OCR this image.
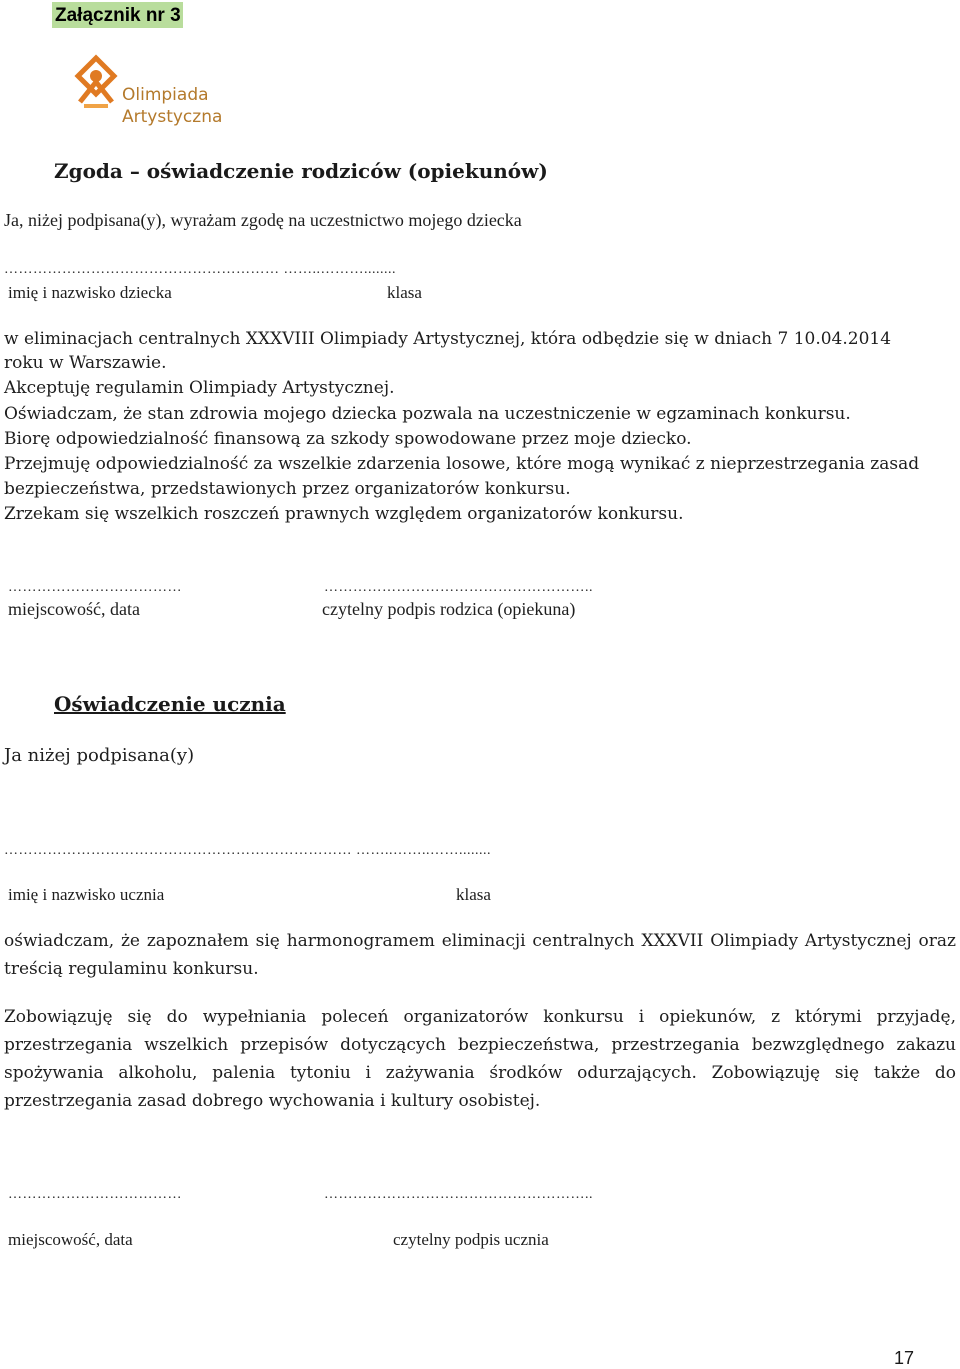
Załącznik nr 3
Olimpiada
Artystyczna
Zgoda – oświadczenie rodziców (opiekunów)
Ja, niżej podpisana(y), wyrażam zgodę na uczestnictwo mojego dziecka
………………………………………………… ……..………........
imię i nazwisko dziecka	klasa
w eliminacjach centralnych XXXVIII Olimpiady Artystycznej, która odbędzie się w dniach 7 10.04.2014
roku w Warszawie.
Akceptuję regulamin Olimpiady Artystycznej.
Oświadczam, że stan zdrowia mojego dziecka pozwala na uczestniczenie w egzaminach konkursu.
Biorę odpowiedzialność finansową za szkody spowodowane przez moje dziecko.
Przejmuję odpowiedzialność za wszelkie zdarzenia losowe, które mogą wynikać z nieprzestrzegania zasad
bezpieczeństwa, przedstawionych przez organizatorów konkursu.
Zrzekam się wszelkich roszczeń prawnych względem organizatorów konkursu.
………………………………	………………………………………………..
miejscowość, data	czytelny podpis rodzica (opiekuna)
Oświadczenie ucznia
Ja niżej podpisana(y)
……………………………………………………………… ……..……..……........
imię i nazwisko ucznia	klasa
oświadczam, że zapoznałem się harmonogramem eliminacji centralnych XXXVII Olimpiady Artystycznej oraz treścią regulaminu konkursu.
Zobowiązuję się do wypełniania poleceń organizatorów konkursu i opiekunów, z którymi przyjadę, przestrzegania wszelkich przepisów dotyczących bezpieczeństwa, przestrzegania bezwzględnego zakazu spożywania alkoholu, palenia tytoniu i zażywania środków odurzających. Zobowiązuję się także do przestrzegania zasad dobrego wychowania i kultury osobistej.
………………………………	………………………………………………..
miejscowość, data	czytelny podpis ucznia
17
